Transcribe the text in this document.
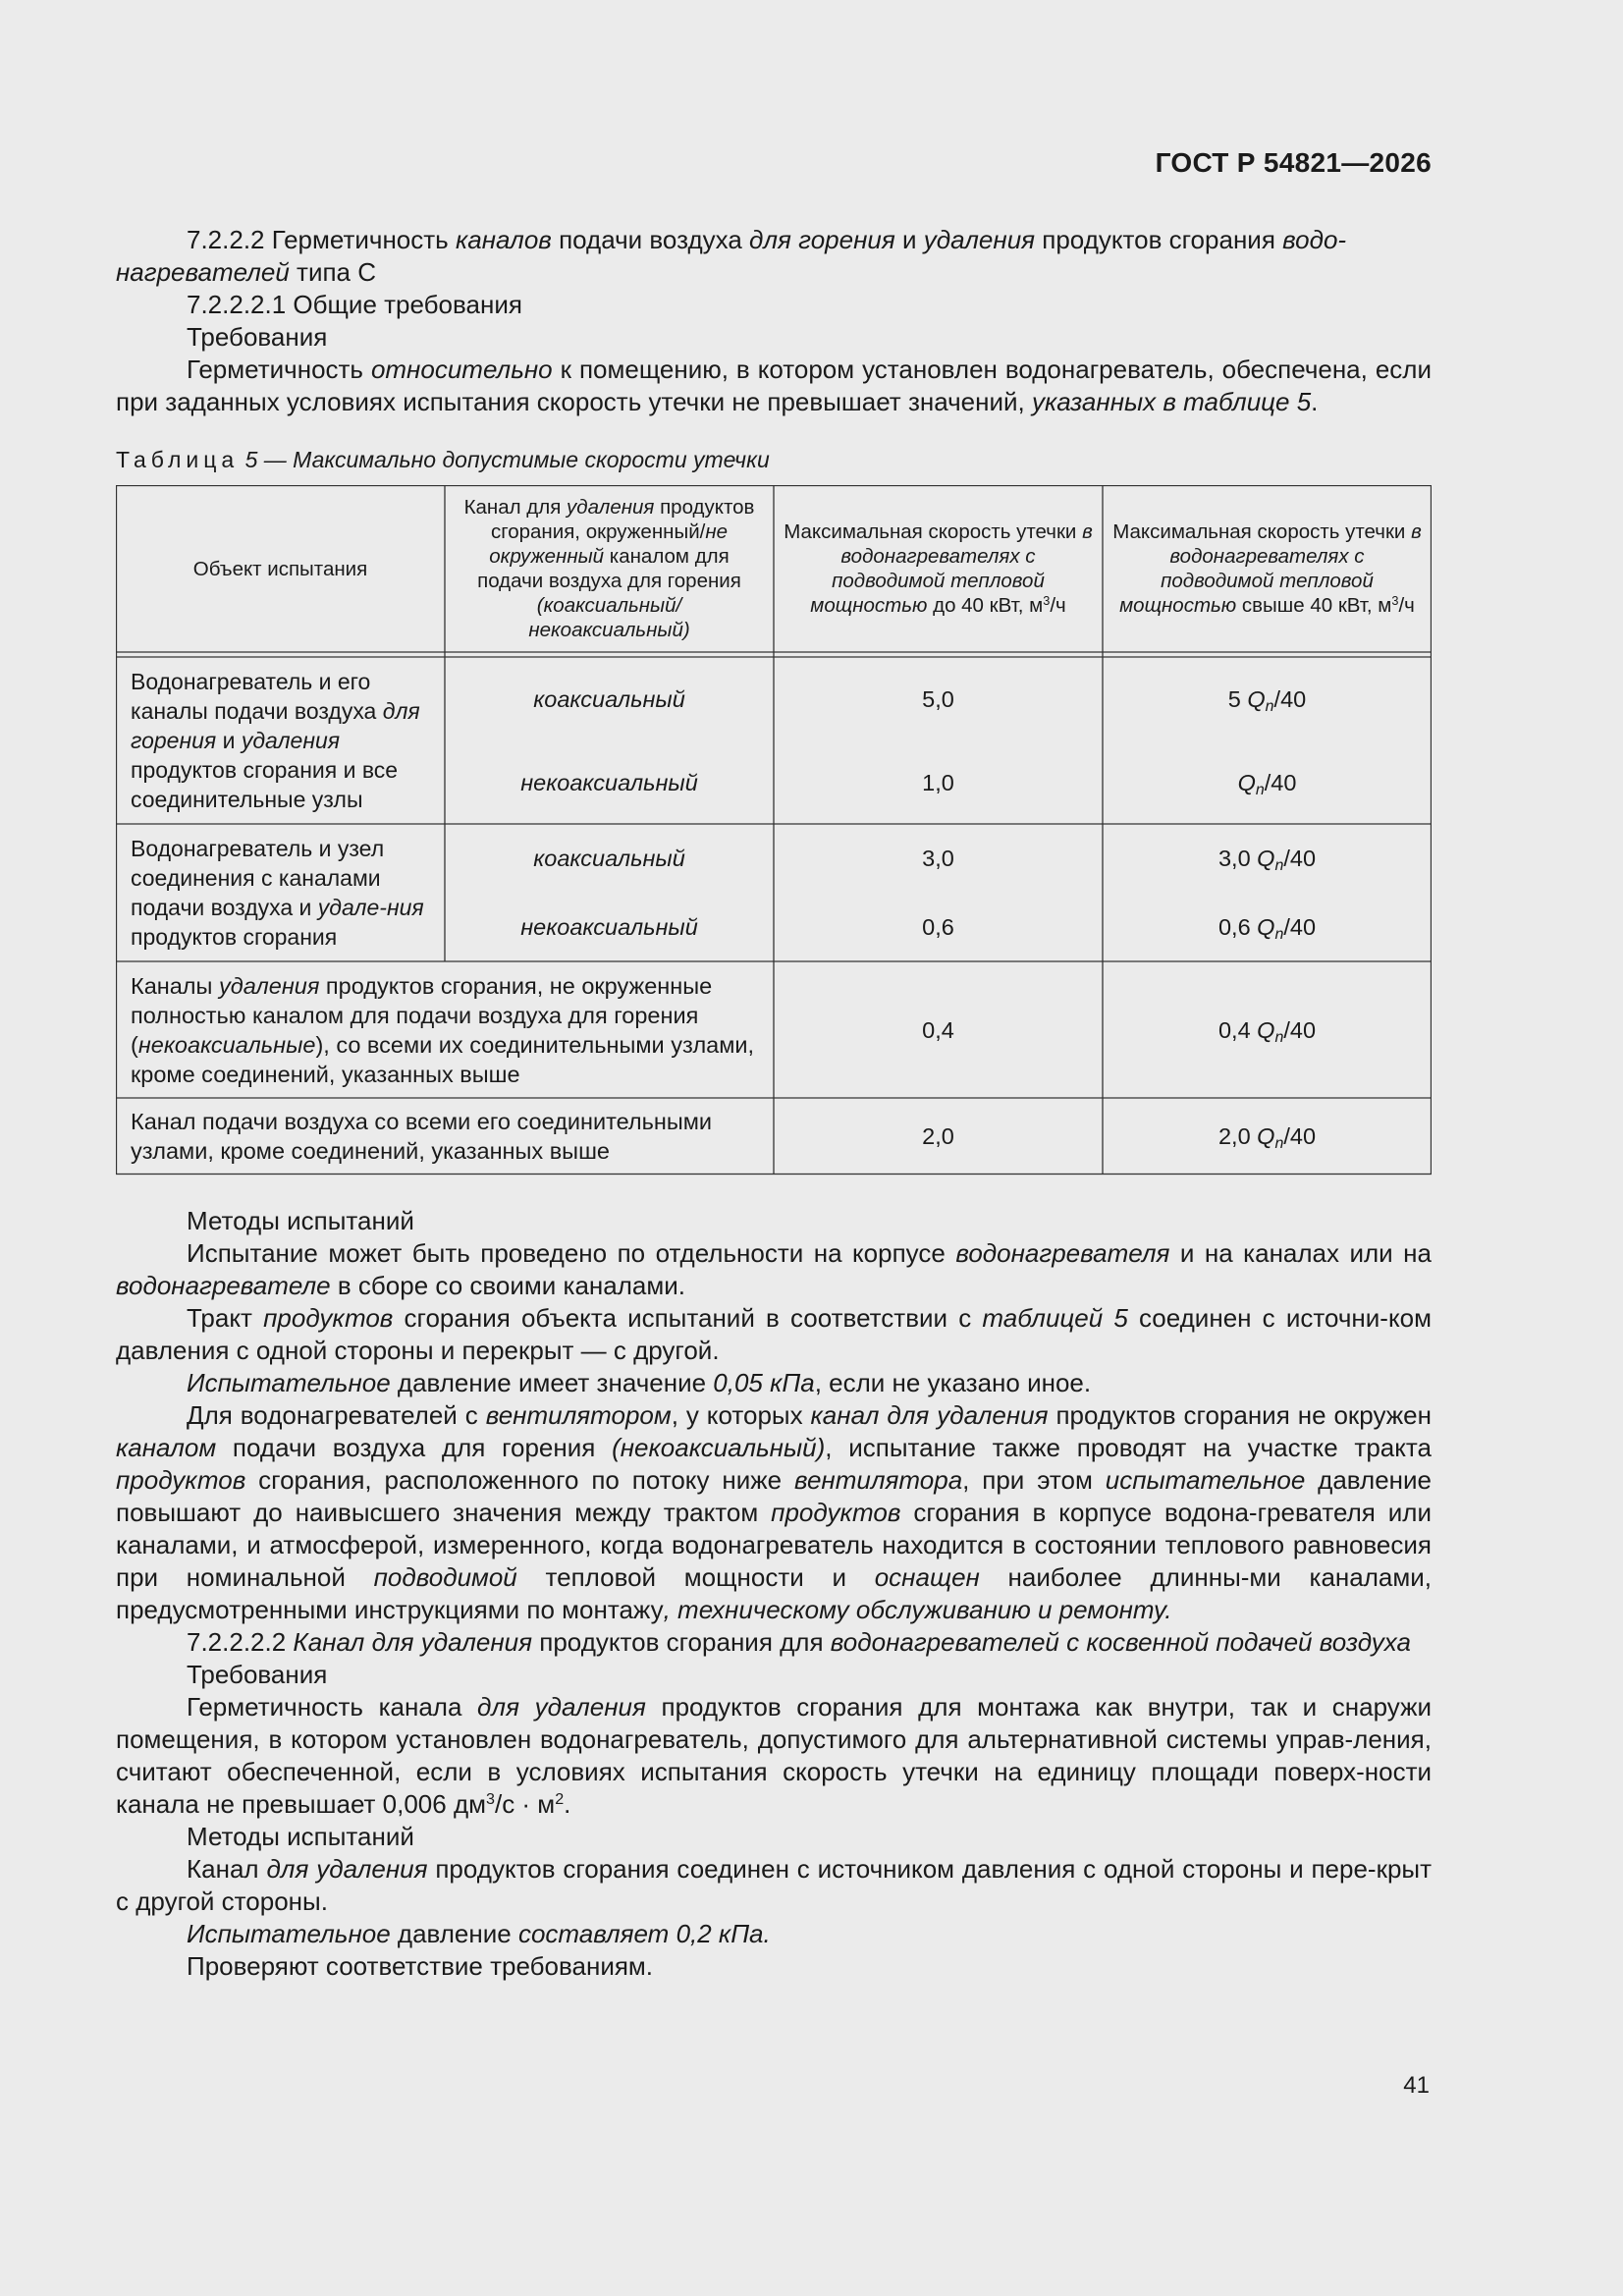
ГОСТ Р 54821—2026

7.2.2.2 Герметичность каналов подачи воздуха для горения и удаления продуктов сгорания водо-нагревателей типа С

7.2.2.2.1 Общие требования

Требования

Герметичность относительно к помещению, в котором установлен водонагреватель, обеспечена, если при заданных условиях испытания скорость утечки не превышает значений, указанных в таблице 5.

Таблица 5 — Максимально допустимые скорости утечки
Объект испытания
Канал для удаления продуктов сгорания, окруженный/не окруженный каналом для подачи воздуха для горения (коаксиальный/ некоаксиальный)
Максимальная скорость утечки в водонагревателях с подводимой тепловой мощностью до 40 кВт, $м^3/ч$
Максимальная скорость утечки в водонагревателях с подводимой тепловой мощностью свыше 40 кВт, $м^3/ч$
Водонагреватель и его каналы подачи воздуха для горения и удаления продуктов сгорания и все соединительные узлы
коаксиальный	5,0	5 $Q_n/40$
некоаксиальный	1,0	$Q_n/40$
Водонагреватель и узел соединения с каналами подачи воздуха и удале-ния продуктов сгорания
коаксиальный	3,0	3,0 $Q_n/40$
некоаксиальный	0,6	0,6 $Q_n/40$
Каналы удаления продуктов сгорания, не окруженные полностью каналом для подачи воздуха для горения (некоаксиальные), со всеми их соединительными узлами, кроме соединений, указанных выше
0,4	0,4 $Q_n/40$
Канал подачи воздуха со всеми его соединительными узлами, кроме соединений, указанных выше
2,0	2,0 $Q_n/40$

Методы испытаний

Испытание может быть проведено по отдельности на корпусе водонагревателя и на каналах или на водонагревателе в сборе со своими каналами.

Тракт продуктов сгорания объекта испытаний в соответствии с таблицей 5 соединен с источни-ком давления с одной стороны и перекрыт — с другой.

Испытательное давление имеет значение 0,05 кПа, если не указано иное.

Для водонагревателей с вентилятором, у которых канал для удаления продуктов сгорания не окружен каналом подачи воздуха для горения (некоаксиальный), испытание также проводят на участке тракта продуктов сгорания, расположенного по потоку ниже вентилятора, при этом испытательное давление повышают до наивысшего значения между трактом продуктов сгорания в корпусе водона-гревателя или каналами, и атмосферой, измеренного, когда водонагреватель находится в состоянии теплового равновесия при номинальной подводимой тепловой мощности и оснащен наиболее длинны-ми каналами, предусмотренными инструкциями по монтажу, техническому обслуживанию и ремонту.

7.2.2.2.2 Канал для удаления продуктов сгорания для водонагревателей с косвенной подачей воздуха

Требования

Герметичность канала для удаления продуктов сгорания для монтажа как внутри, так и снаружи помещения, в котором установлен водонагреватель, допустимого для альтернативной системы управ-ления, считают обеспеченной, если в условиях испытания скорость утечки на единицу площади поверх-ности канала не превышает 0,006 $дм^3/с \cdot м^2$.

Методы испытаний

Канал для удаления продуктов сгорания соединен с источником давления с одной стороны и пере-крыт с другой стороны.

Испытательное давление составляет 0,2 кПа.

Проверяют соответствие требованиям.

41
